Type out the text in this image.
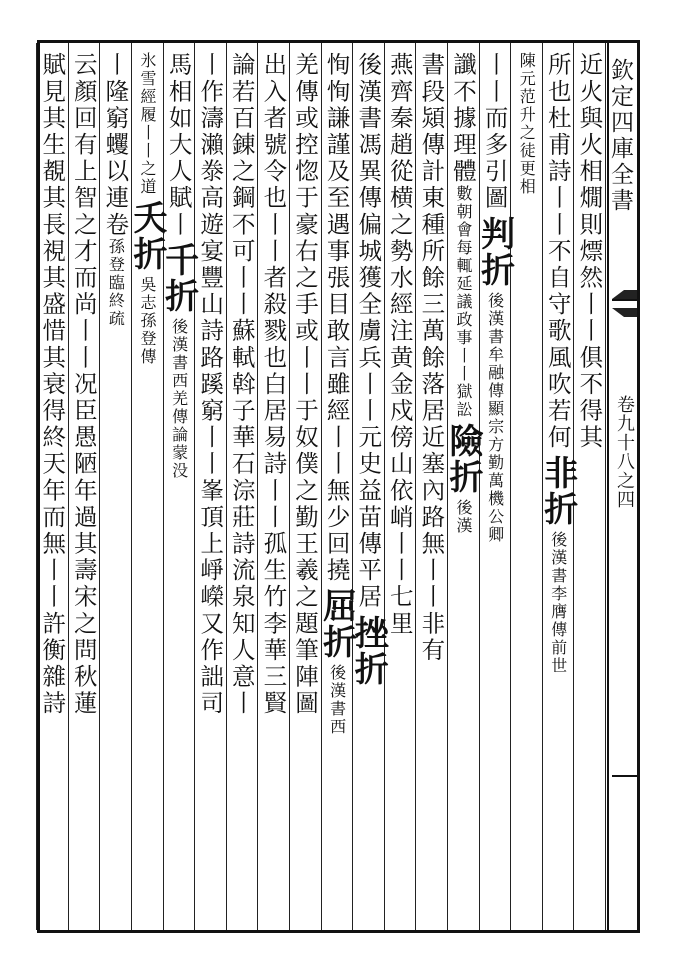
欽定四庫全書
卷九十八之四
近火與火相燗則熛然丨丨俱不得其
所也杜甫詩丨丨不自守歌風吹若何非折後漢書李膺傳前世
陳元范升之徒更相
丨丨而多引圖判折後漢書牟融傳顯宗方勤萬機公卿
讖不據理體數朝會每輒延議政事丨丨獄訟險折後漢
書段熲傳計東種所餘三萬餘落居近塞內路無丨丨非有
燕齊秦趙從横之勢水經注黄金戍傍山依峭丨丨七里
後漢書馮異傳偏城獲全虜兵丨丨元史益苗傳平居挫折
恂恂謙謹及至遇事張目敢言雖經丨丨無少回撓屈折後漢書西
羌傳或控惚于豪右之手或丨丨于奴僕之勤王羲之題筆陣圖
出入者號令也丨丨者殺戮也白居易詩丨丨孤生竹李華三賢
論若百錬之鋼不可丨丨蘇軾斡子華石淙莊詩流泉知人意丨
丨作濤瀨𣳾高遊宴豐山詩路蹊窮丨丨峯頂上崢嶸又作詘司
馬相如大人賦丨千折後漢書西羌傳論蒙没
氷雪經履丨丨之道夭折吳志孫登傳
丨隆窮蠼以連卷孫登臨終疏
云顏回有上智之才而尚丨丨况臣愚陋年過其壽宋之問秋蓮
賦見其生覩其長視其盛惜其衰得終天年而無丨丨許衡雜詩
